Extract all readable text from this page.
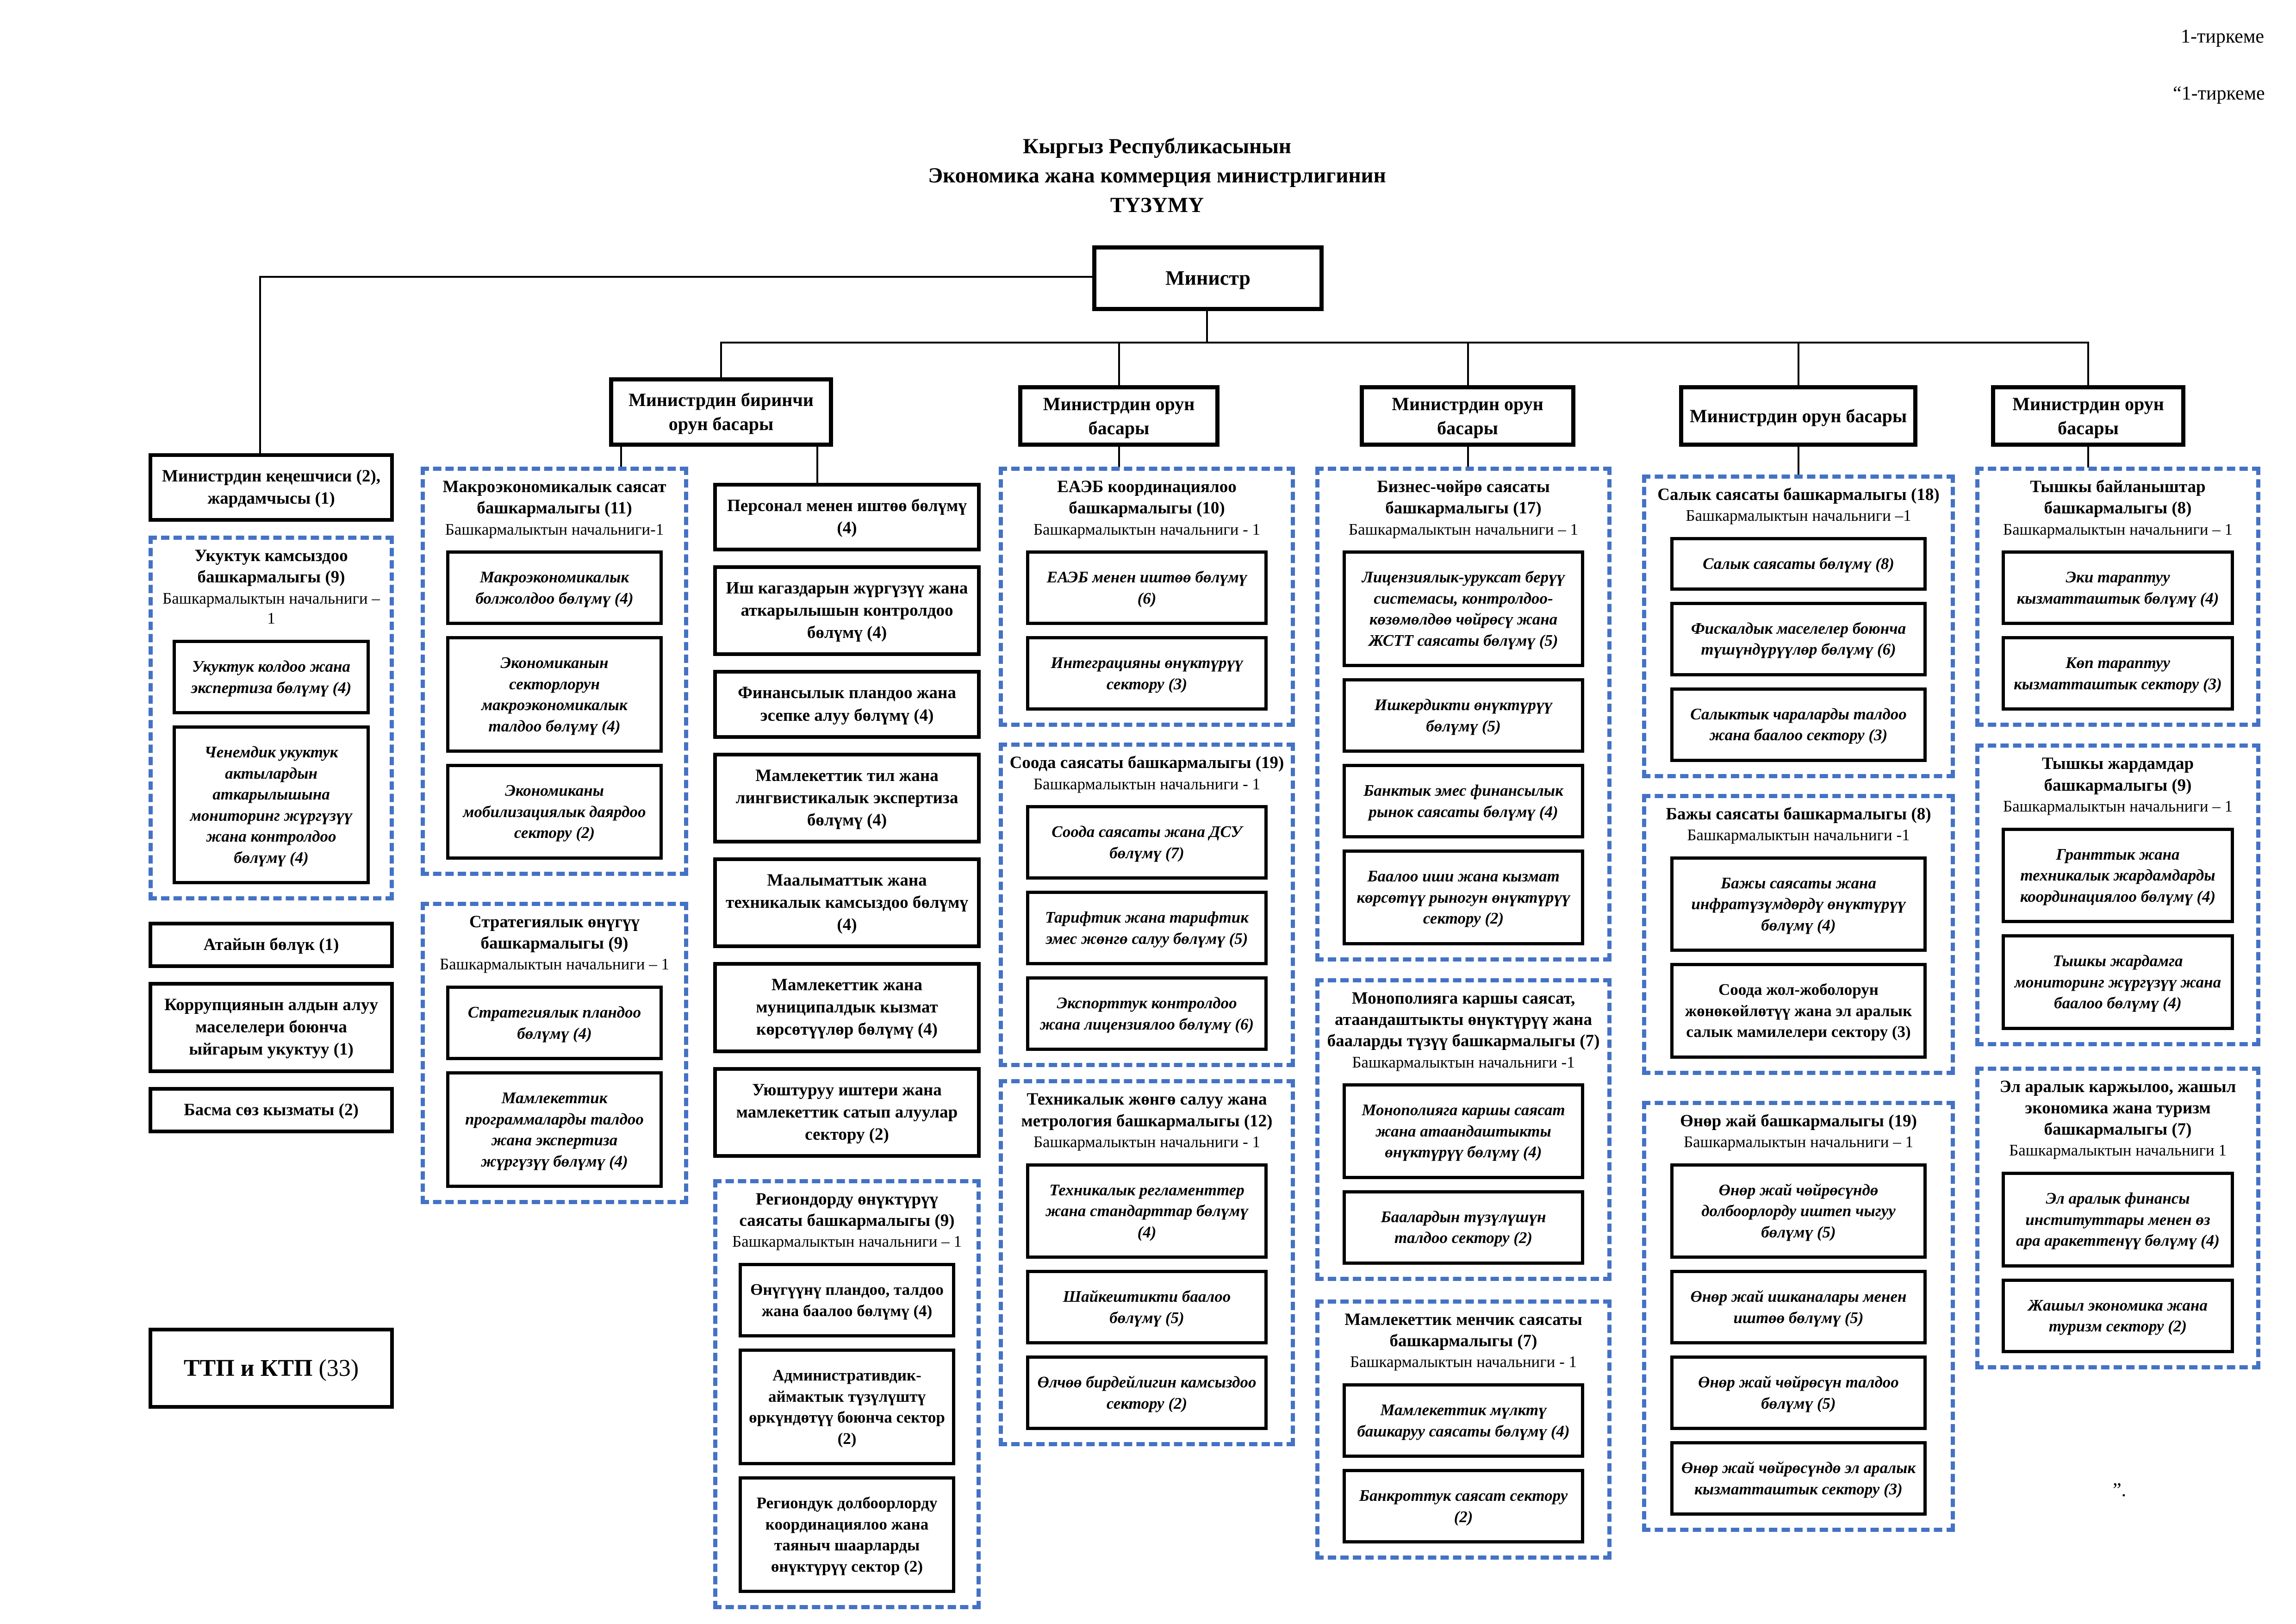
1-тиркеме
“1-тиркеме
”.
Кыргыз Республикасынын
Экономика жана коммерция министрлигинин
ТҮЗҮМҮ
Министр
Министрдин биринчи орун басары
Министрдин орун басары
Министрдин орун басары
Министрдин орун басары
Министрдин орун басары
Министрдин кеңешчиси (2), жардамчысы (1)
Укуктук камсыздоо башкармалыгы (9)
Башкармалыктын начальниги – 1
Укуктук колдоо жана экспертиза бөлүмү (4)
Ченемдик укуктук актылардын аткарылышына мониторинг жүргүзүү жана контролдоо бөлүмү (4)
Атайын бөлүк (1)
Коррупциянын алдын алуу маселелери боюнча ыйгарым укуктуу (1)
Басма сөз кызматы (2)
ТТП и КТП (33)
Макроэкономикалык саясат башкармалыгы (11)
Башкармалыктын начальниги-1
Макроэкономикалык болжолдоо бөлүмү (4)
Экономиканын секторлорун макроэкономикалык талдоо бөлүмү (4)
Экономиканы мобилизациялык даярдоо сектору (2)
Стратегиялык өнүгүү башкармалыгы (9)
Башкармалыктын начальниги – 1
Стратегиялык пландоо бөлүмү (4)
Мамлекеттик программаларды талдоо жана экспертиза жүргүзүү бөлүмү (4)
Персонал менен иштөө бөлүмү (4)
Иш кагаздарын жүргүзүү жана аткарылышын контролдоо бөлүмү (4)
Финансылык пландоо жана эсепке алуу бөлүмү (4)
Мамлекеттик тил жана лингвистикалык экспертиза бөлүмү (4)
Маалыматтык жана техникалык камсыздоо бөлүмү (4)
Мамлекеттик жана муниципалдык кызмат көрсөтүүлөр бөлүмү (4)
Уюштуруу иштери жана мамлекеттик сатып алуулар сектору (2)
Региондорду өнүктүрүү саясаты башкармалыгы (9)
Башкармалыктын начальниги – 1
Өнүгүүнү пландоо, талдоо жана баалоо бөлүмү (4)
Административдик-аймактык түзүлүштү өркүндөтүү боюнча сектор (2)
Региондук долбоорлорду координациялоо жана таяныч шаарларды өнүктүрүү сектор (2)
ЕАЭБ координациялоо башкармалыгы (10)
Башкармалыктын начальниги - 1
ЕАЭБ менен иштөө бөлүмү (6)
Интеграцияны өнүктүрүү сектору (3)
Соода саясаты башкармалыгы (19)
Башкармалыктын начальниги - 1
Соода саясаты жана ДСУ бөлүмү (7)
Тарифтик жана тарифтик эмес жөнгө салуу бөлүмү (5)
Экспорттук контролдоо жана лицензиялоо бөлүмү (6)
Техникалык жөнгө салуу жана метрология башкармалыгы (12)
Башкармалыктын начальниги - 1
Техникалык регламенттер жана стандарттар бөлүмү (4)
Шайкештикти баалоо бөлүмү (5)
Өлчөө бирдейлигин камсыздоо сектору (2)
Бизнес-чөйрө саясаты башкармалыгы (17)
Башкармалыктын начальниги – 1
Лицензиялык-уруксат берүү системасы, контролдоо-көзөмөлдөө чөйрөсү жана ЖСТТ саясаты бөлүмү (5)
Ишкердикти өнүктүрүү бөлүмү (5)
Банктык эмес финансылык рынок саясаты бөлүмү (4)
Баалоо иши жана кызмат көрсөтүү рыногун өнүктүрүү сектору (2)
Монополияга каршы саясат, атаандаштыкты өнүктүрүү жана бааларды түзүү башкармалыгы (7)
Башкармалыктын начальниги -1
Монополияга каршы саясат жана атаандаштыкты өнүктүрүү бөлүмү (4)
Баалардын түзүлүшүн талдоо сектору (2)
Мамлекеттик менчик саясаты башкармалыгы (7)
Башкармалыктын начальниги - 1
Мамлекеттик мүлктү башкаруу саясаты бөлүмү (4)
Банкроттук саясат сектору (2)
Салык саясаты башкармалыгы (18)
Башкармалыктын начальниги –1
Салык саясаты бөлүмү (8)
Фискалдык маселелер боюнча түшүндүрүүлөр бөлүмү (6)
Салыктык чараларды талдоо жана баалоо сектору (3)
Бажы саясаты башкармалыгы (8)
Башкармалыктын начальниги -1
Бажы саясаты жана инфратүзүмдөрдү өнүктүрүү бөлүмү (4)
Соода жол-жоболорун жөнөкөйлөтүү жана эл аралык салык мамилелери сектору (3)
Өнөр жай башкармалыгы (19)
Башкармалыктын начальниги – 1
Өнөр жай чөйрөсүндө долбоорлорду иштеп чыгуу бөлүмү (5)
Өнөр жай ишканалары менен иштөө бөлүмү (5)
Өнөр жай чөйрөсүн талдоо бөлүмү (5)
Өнөр жай чөйрөсүндө эл аралык кызматташтык сектору (3)
Тышкы байланыштар башкармалыгы (8)
Башкармалыктын начальниги – 1
Эки тараптуу кызматташтык бөлүмү (4)
Көп тараптуу кызматташтык сектору (3)
Тышкы жардамдар башкармалыгы (9)
Башкармалыктын начальниги – 1
Гранттык жана техникалык жардамдарды координациялоо бөлүмү (4)
Тышкы жардамга мониторинг жүргүзүү жана баалоо бөлүмү (4)
Эл аралык каржылоо, жашыл экономика жана туризм башкармалыгы (7)
Башкармалыктын начальниги 1
Эл аралык финансы институттары менен өз ара аракеттенүү бөлүмү (4)
Жашыл экономика жана туризм сектору (2)
